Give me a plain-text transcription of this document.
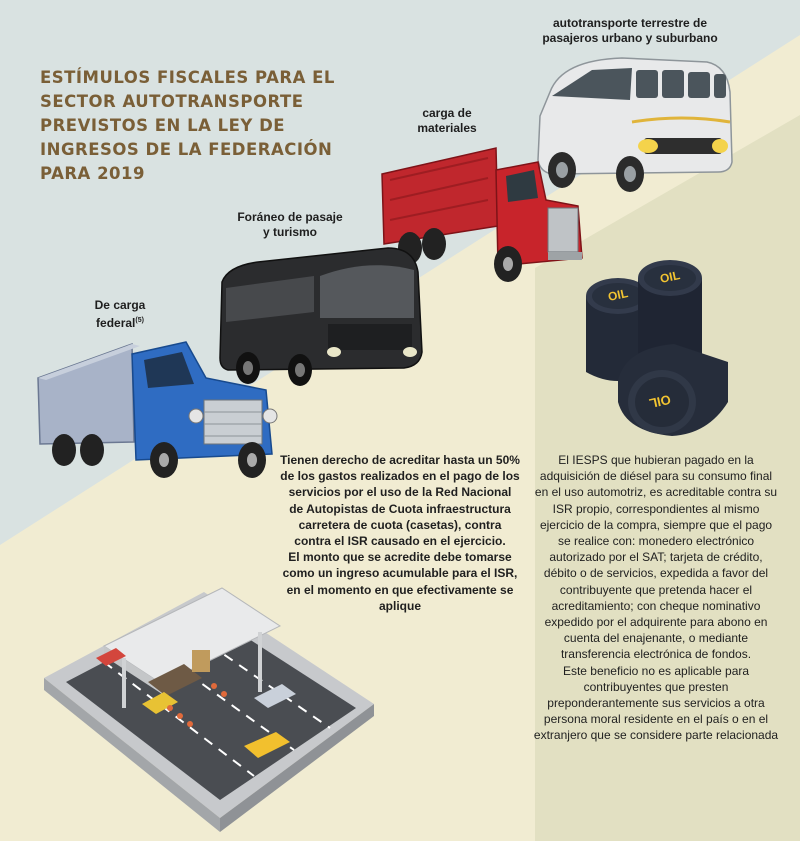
ESTÍMULOS FISCALES PARA EL
SECTOR AUTOTRANSPORTE
PREVISTOS EN LA LEY DE
INGRESOS DE LA FEDERACIÓN
PARA 2019
autotransporte terrestre de
pasajeros urbano y suburbano
carga de
materiales
Foráneo de pasaje
y turismo
De carga
federal$^{(5)}$
OIL
OIL
OIL

Tienen derecho de acreditar hasta un 50% de los gastos realizados en el pago de los servicios por el uso de la Red Nacional de Autopistas de Cuota infraestructura carretera de cuota (casetas), contra contra el ISR causado en el ejercicio.

El monto que se acredite debe tomarse como un ingreso acumulable para el ISR, en el momento en que efectivamente se aplique

El IESPS que hubieran pagado en la adquisición de diésel para su consumo final en el uso automotriz, es acreditable contra su ISR propio, correspondientes al mismo ejercicio de la compra, siempre que el pago se realice con: monedero electrónico autorizado por el SAT; tarjeta de crédito, débito o de servicios, expedida a favor del contribuyente que pretenda hacer el acreditamiento; con cheque nominativo expedido por el adquirente para abono en cuenta del enajenante, o mediante transferencia electrónica de fondos.

Este beneficio no es aplicable para contribuyentes que presten preponderantemente sus servicios a otra persona moral residente en el país o en el extranjero que se considere parte relacionada
